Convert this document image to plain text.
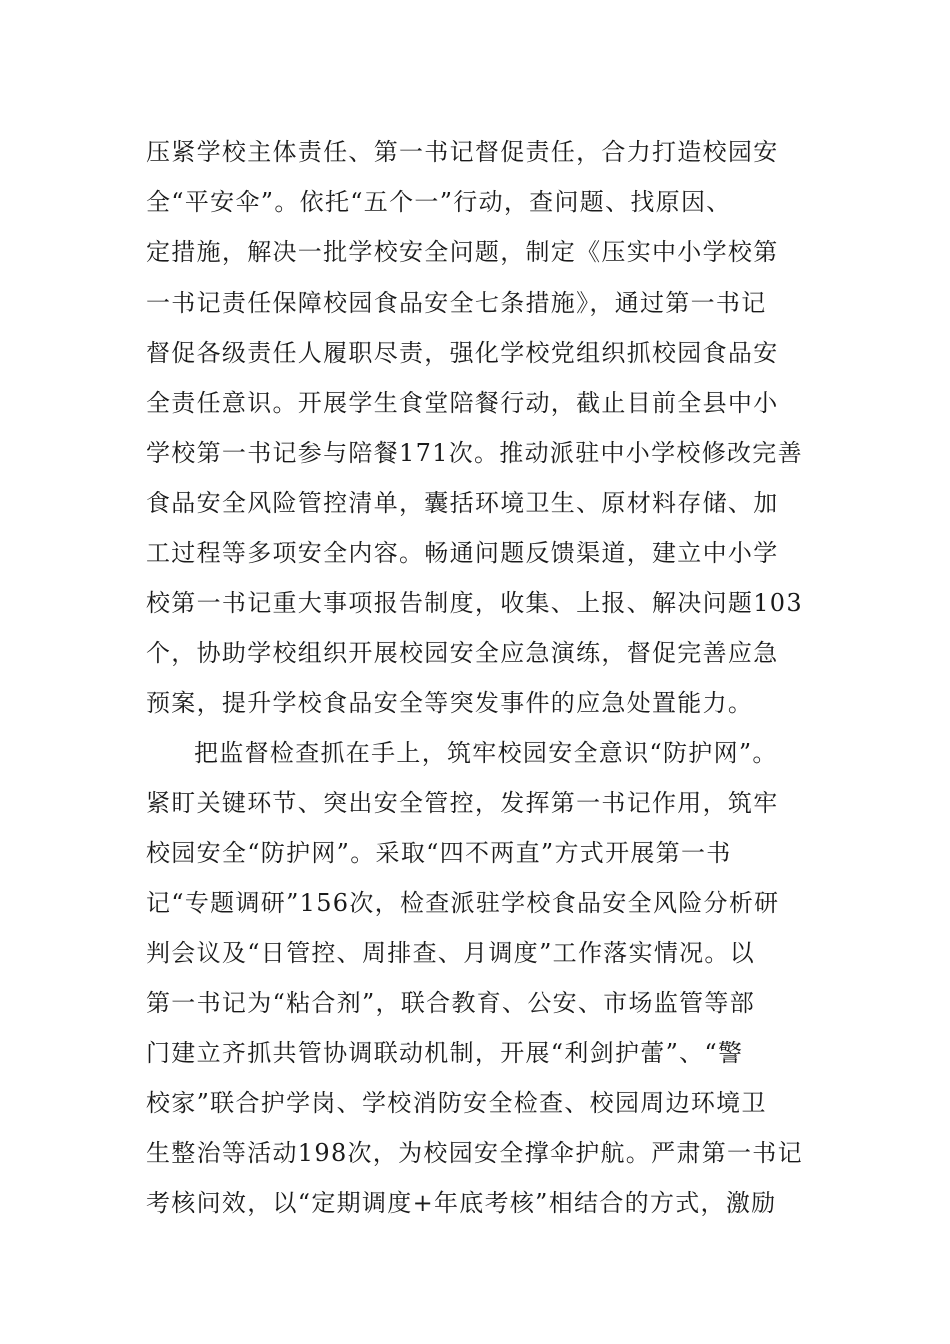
压紧学校主体责任、第一书记督促责任，合力打造校园安
全“平安伞”。依托“五个一”行动，查问题、找原因、
定措施，解决一批学校安全问题，制定《压实中小学校第
一书记责任保障校园食品安全七条措施》，通过第一书记
督促各级责任人履职尽责，强化学校党组织抓校园食品安
全责任意识。开展学生食堂陪餐行动，截止目前全县中小
学校第一书记参与陪餐171次。推动派驻中小学校修改完善
食品安全风险管控清单，囊括环境卫生、原材料存储、加
工过程等多项安全内容。畅通问题反馈渠道，建立中小学
校第一书记重大事项报告制度，收集、上报、解决问题103
个，协助学校组织开展校园安全应急演练，督促完善应急
预案，提升学校食品安全等突发事件的应急处置能力。
把监督检查抓在手上，筑牢校园安全意识“防护网”。
紧盯关键环节、突出安全管控，发挥第一书记作用，筑牢
校园安全“防护网”。采取“四不两直”方式开展第一书
记“专题调研”156次，检查派驻学校食品安全风险分析研
判会议及“日管控、周排查、月调度”工作落实情况。以
第一书记为“粘合剂”，联合教育、公安、市场监管等部
门建立齐抓共管协调联动机制，开展“利剑护蕾”、“警
校家”联合护学岗、学校消防安全检查、校园周边环境卫
生整治等活动198次，为校园安全撑伞护航。严肃第一书记
考核问效，以“定期调度+年底考核”相结合的方式，激励
